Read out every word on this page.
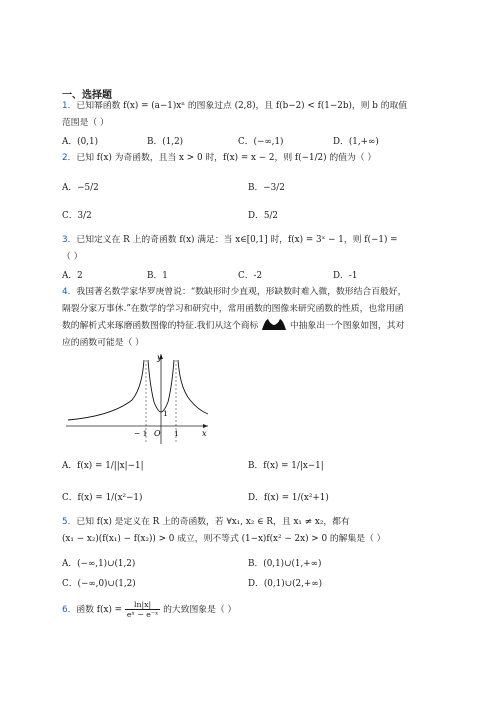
一、选择题
1．已知幂函数 f(x) = (a−1)xⁿ 的图象过点 (2,8)，且 f(b−2) < f(1−2b)，则 b 的取值
范围是（ ）
A．(0,1)	B．(1,2)	C．(−∞,1)	D．(1,+∞)
2．已知 f(x) 为奇函数，且当 x > 0 时，f(x) = x − 2，则 f(−1/2) 的值为（ ）
A．−5/2	B．−3/2
C．3/2	D．5/2
3．已知定义在 R 上的奇函数 f(x) 满足：当 x∈[0,1] 时，f(x) = 3ˣ − 1，则 f(−1) =
（ ）
A．2	B．1	C．-2	D．-1
4．我国著名数学家华罗庚曾说：“数缺形时少直观，形缺数时难入微，数形结合百般好，
隔裂分家万事休.”在数学的学习和研究中，常用函数的图像来研究函数的性质，也常用函
数的解析式来琢磨函数图像的特征.我们从这个商标	中抽象出一个图象如图，其对
应的函数可能是（ ）
y
x
O
1
− 1	1
A．f(x) = 1/||x|−1|	B．f(x) = 1/|x−1|
C．f(x) = 1/(x²−1)	D．f(x) = 1/(x²+1)
5．已知 f(x) 是定义在 R 上的奇函数，若 ∀x₁, x₂ ∈ R，且 x₁ ≠ x₂，都有
(x₁ − x₂)(f(x₁) − f(x₂)) > 0 成立，则不等式 (1−x)f(x² − 2x) > 0 的解集是（ ）
A．(−∞,1)∪(1,2)	B．(0,1)∪(1,+∞)
C．(−∞,0)∪(1,2)	D．(0,1)∪(2,+∞)
6．函数 $f(x) = \frac{\ln|x|}{\text{eˣ − e⁻ˣ}}$ 的大致图象是（ ）
